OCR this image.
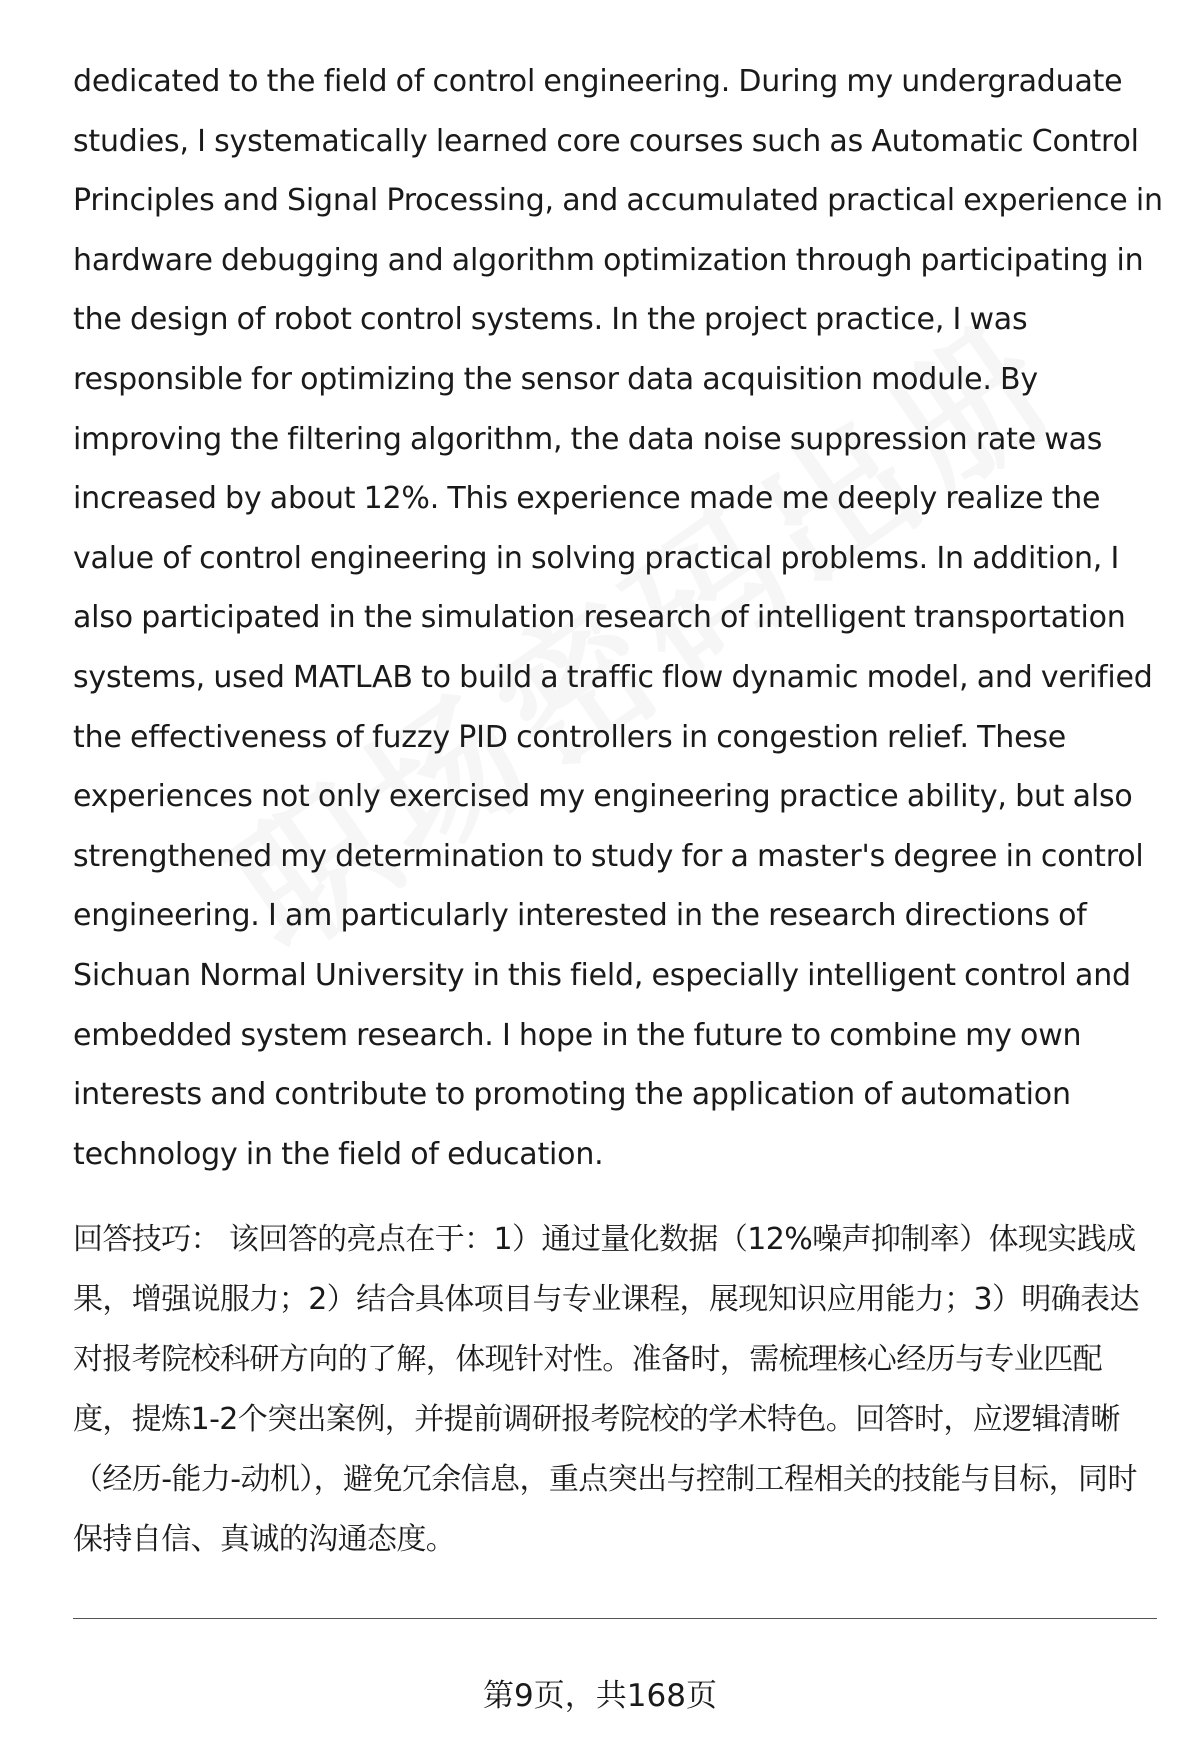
dedicated to the field of control engineering. During my undergraduate studies, I systematically learned core courses such as Automatic Control Principles and Signal Processing, and accumulated practical experience in hardware debugging and algorithm optimization through participating in the design of robot control systems. In the project practice, I was responsible for optimizing the sensor data acquisition module. By improving the filtering algorithm, the data noise suppression rate was increased by about 12%. This experience made me deeply realize the value of control engineering in solving practical problems. In addition, I also participated in the simulation research of intelligent transportation systems, used MATLAB to build a traffic flow dynamic model, and verified the effectiveness of fuzzy PID controllers in congestion relief. These experiences not only exercised my engineering practice ability, but also strengthened my determination to study for a master's degree in control engineering. I am particularly interested in the research directions of Sichuan Normal University in this field, especially intelligent control and embedded system research. I hope in the future to combine my own interests and contribute to promoting the application of automation technology in the field of education.

回答技巧： 该回答的亮点在于：1）通过量化数据（12%噪声抑制率）体现实践成果，增强说服力；2）结合具体项目与专业课程，展现知识应用能力；3）明确表达对报考院校科研方向的了解，体现针对性。准备时，需梳理核心经历与专业匹配度，提炼1-2个突出案例，并提前调研报考院校的学术特色。回答时，应逻辑清晰（经历-能力-动机），避免冗余信息，重点突出与控制工程相关的技能与目标，同时保持自信、真诚的沟通态度。

第9页，共168页
